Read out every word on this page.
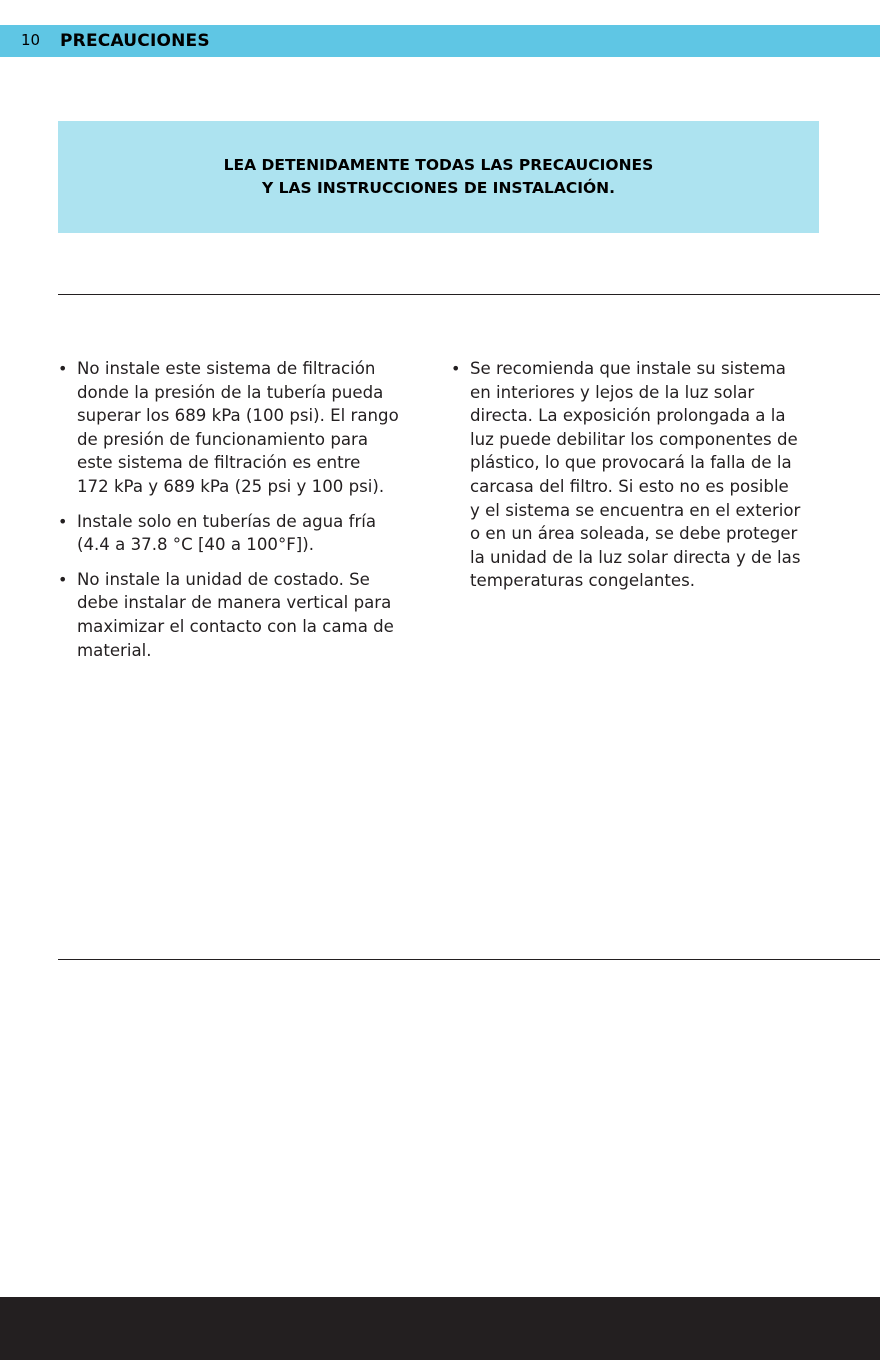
10 PRECAUCIONES
LEA DETENIDAMENTE TODAS LAS PRECAUCIONES
Y LAS INSTRUCCIONES DE INSTALACIÓN.
• No instale este sistema de filtración
donde la presión de la tubería pueda
superar los 689 kPa (100 psi). El rango
de presión de funcionamiento para
este sistema de filtración es entre
172 kPa y 689 kPa (25 psi y 100 psi).
• Instale solo en tuberías de agua fría
(4.4 a 37.8 °C [40 a 100°F]).
• No instale la unidad de costado. Se
debe instalar de manera vertical para
maximizar el contacto con la cama de
material.
• Se recomienda que instale su sistema
en interiores y lejos de la luz solar
directa. La exposición prolongada a la
luz puede debilitar los componentes de
plástico, lo que provocará la falla de la
carcasa del filtro. Si esto no es posible
y el sistema se encuentra en el exterior
o en un área soleada, se debe proteger
la unidad de la luz solar directa y de las
temperaturas congelantes.
